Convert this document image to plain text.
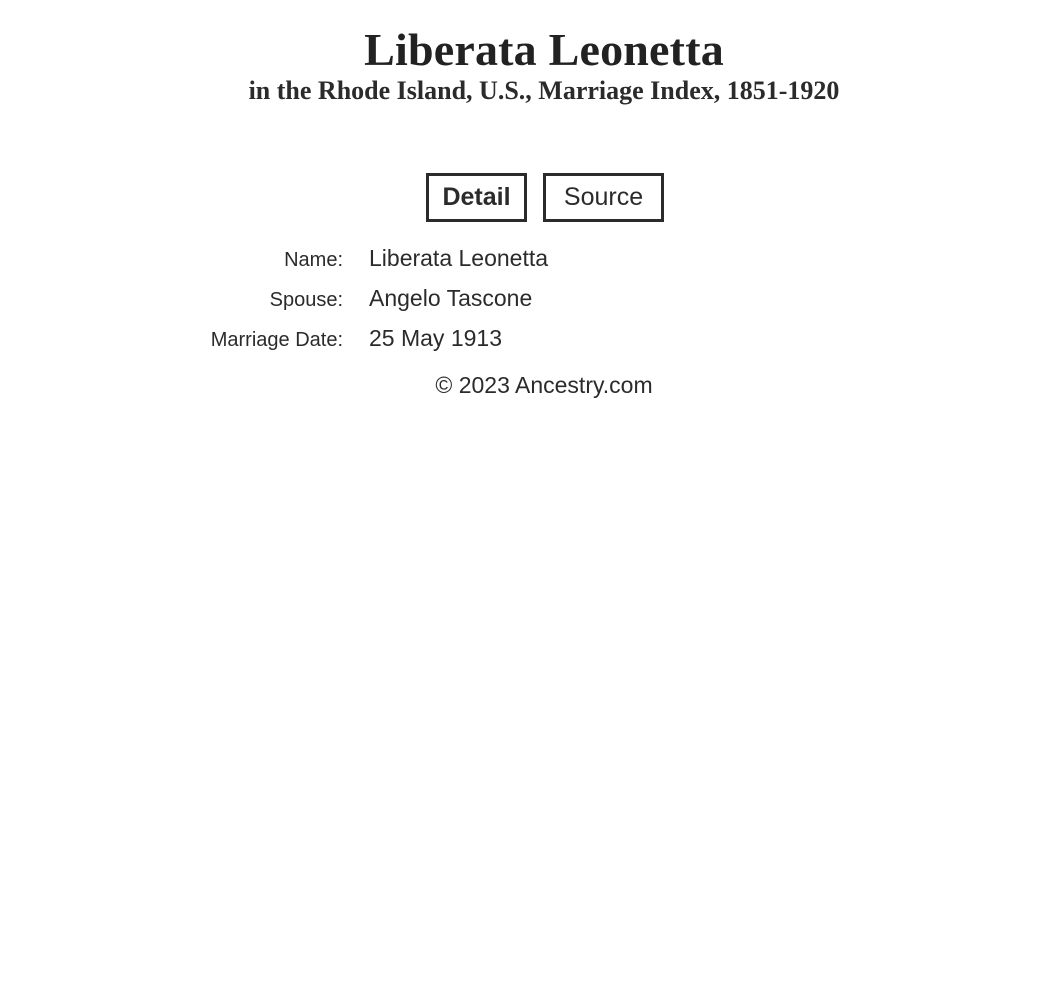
Liberata Leonetta
in the Rhode Island, U.S., Marriage Index, 1851-1920
Detail	Source
Name: Liberata Leonetta
Spouse: Angelo Tascone
Marriage Date: 25 May 1913
© 2023 Ancestry.com
